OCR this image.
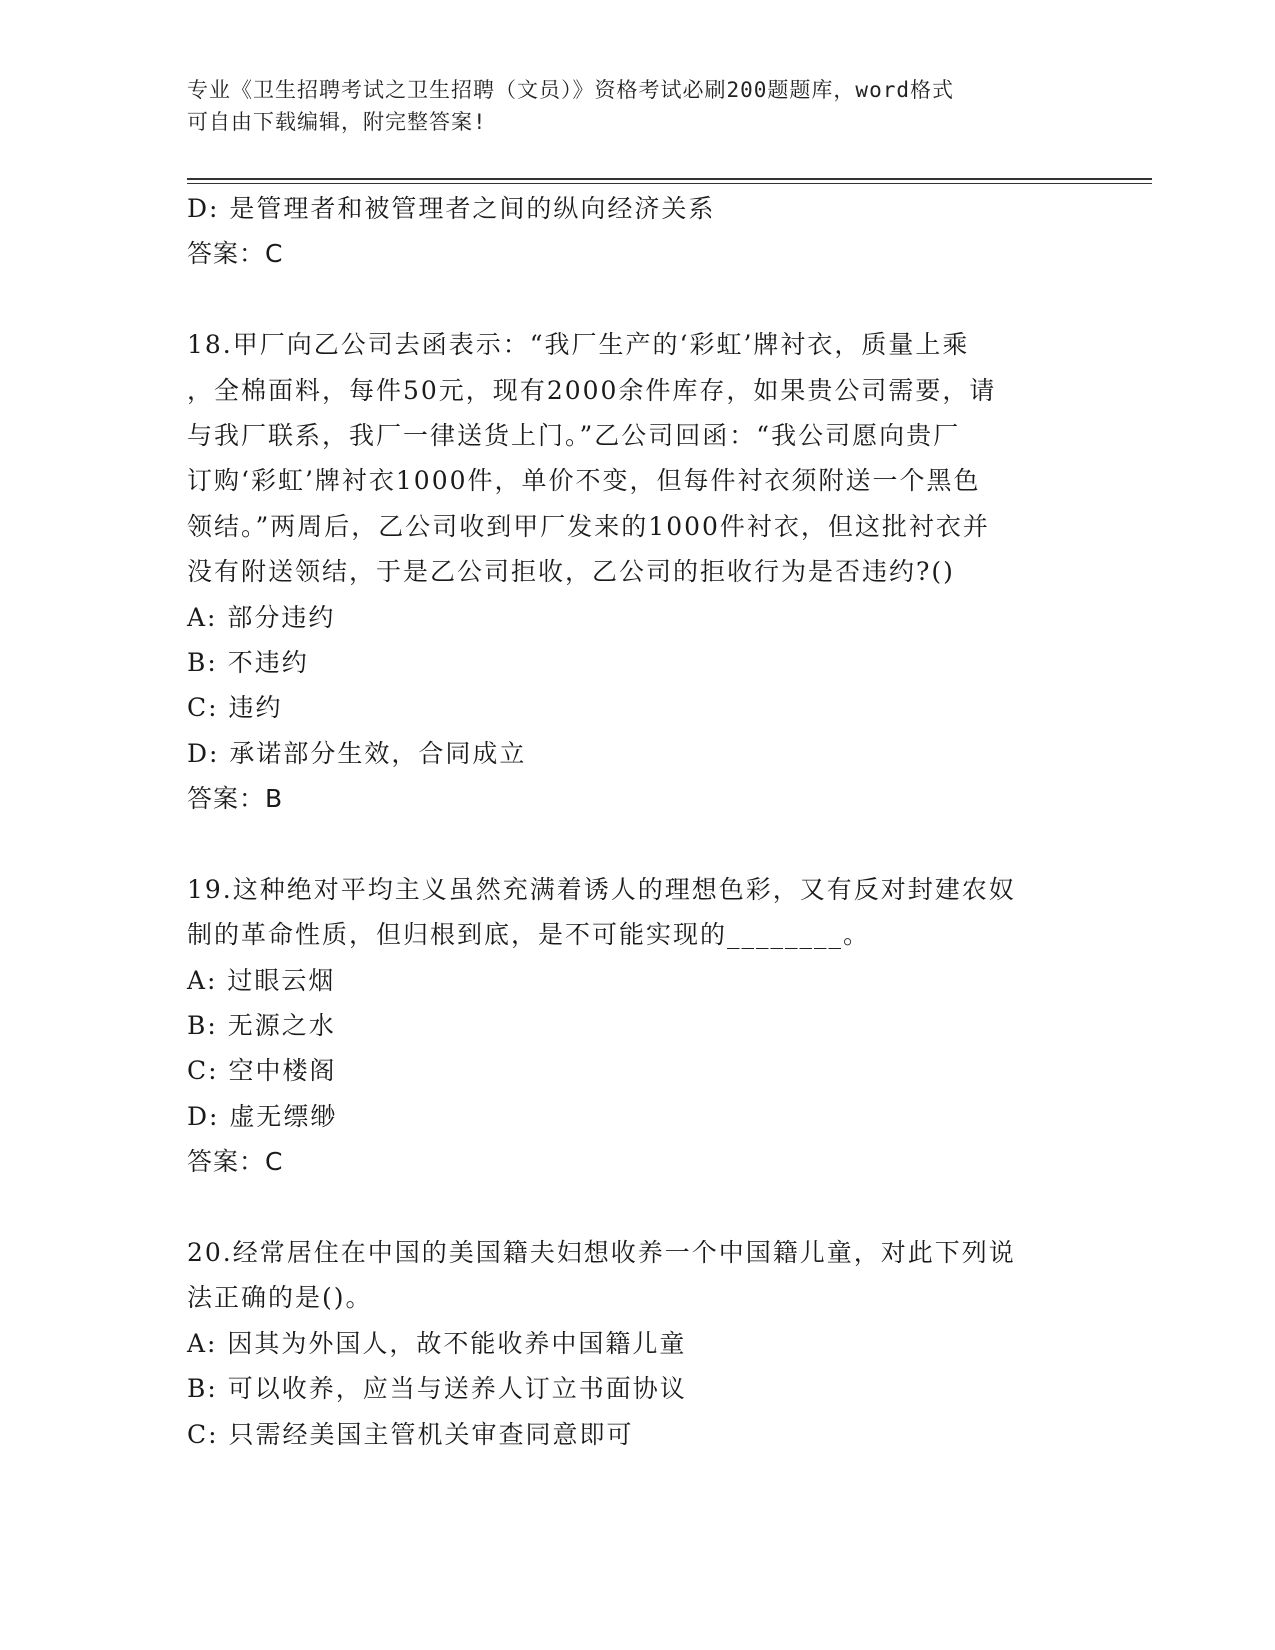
专业《卫生招聘考试之卫生招聘（文员）》资格考试必刷200题题库，word格式
可自由下载编辑，附完整答案!
D: 是管理者和被管理者之间的纵向经济关系
答案：C
18.甲厂向乙公司去函表示：“我厂生产的‘彩虹’牌衬衣，质量上乘
，全棉面料，每件50元，现有2000余件库存，如果贵公司需要，请
与我厂联系，我厂一律送货上门。”乙公司回函：“我公司愿向贵厂
订购‘彩虹’牌衬衣1000件，单价不变，但每件衬衣须附送一个黑色
领结。”两周后，乙公司收到甲厂发来的1000件衬衣，但这批衬衣并
没有附送领结，于是乙公司拒收，乙公司的拒收行为是否违约?()
A: 部分违约
B: 不违约
C: 违约
D: 承诺部分生效，合同成立
答案：B
19.这种绝对平均主义虽然充满着诱人的理想色彩，又有反对封建农奴
制的革命性质，但归根到底，是不可能实现的________。
A: 过眼云烟
B: 无源之水
C: 空中楼阁
D: 虚无缥缈
答案：C
20.经常居住在中国的美国籍夫妇想收养一个中国籍儿童，对此下列说
法正确的是()。
A: 因其为外国人，故不能收养中国籍儿童
B: 可以收养，应当与送养人订立书面协议
C: 只需经美国主管机关审查同意即可
